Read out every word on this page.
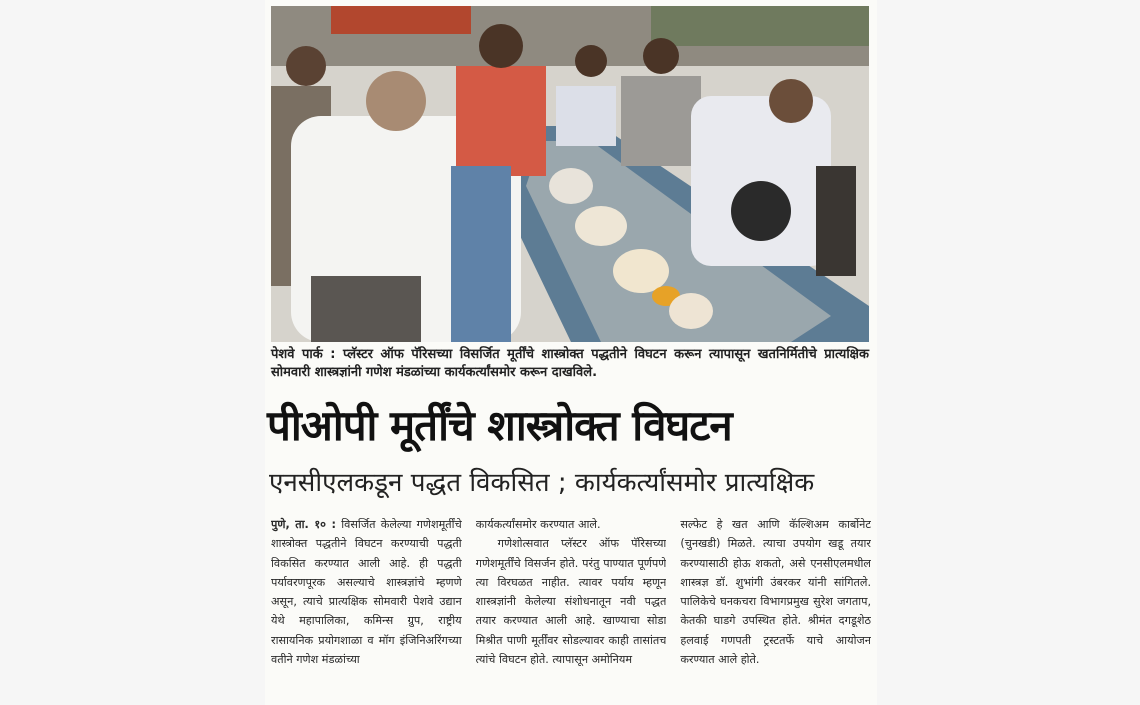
पेशवे पार्क : प्लॅस्टर ऑफ पॅरिसच्या विसर्जित मूर्तींचे शास्त्रोक्त पद्धतीने विघटन करून त्यापासून खतनिर्मितीचे प्रात्यक्षिक सोमवारी शास्त्रज्ञांनी गणेश मंडळांच्या कार्यकर्त्यांसमोर करून दाखविले.
पीओपी मूर्तींचे शास्त्रोक्त विघटन
एनसीएलकडून पद्धत विकसित ; कार्यकर्त्यांसमोर प्रात्यक्षिक
पुणे, ता. १० : विसर्जित केलेल्या गणेशमूर्तींचे शास्त्रोक्त पद्धतीने विघटन करण्याची पद्धती विकसित करण्यात आली आहे. ही पद्धती पर्यावरणपूरक असल्याचे शास्त्रज्ञांचे म्हणणे असून, त्याचे प्रात्यक्षिक सोमवारी पेशवे उद्यान येथे महापालिका, कमिन्स ग्रुप, राष्ट्रीय रासायनिक प्रयोगशाळा व मॉग इंजिनिअरिंगच्या वतीने गणेश मंडळांच्या
कार्यकर्त्यांसमोर करण्यात आले.
गणेशोत्सवात प्लॅस्टर ऑफ पॅरिसच्या गणेशमूर्तींचे विसर्जन होते. परंतु पाण्यात पूर्णपणे त्या विरघळत नाहीत. त्यावर पर्याय म्हणून शास्त्रज्ञांनी केलेल्या संशोधनातून नवी पद्धत तयार करण्यात आली आहे. खाण्याचा सोडा मिश्रीत पाणी मूर्तींवर सोडल्यावर काही तासांतच त्यांचे विघटन होते. त्यापासून अमोनियम
सल्फेट हे खत आणि कॅल्शिअम कार्बोनेट (चुनखडी) मिळते. त्याचा उपयोग खडू तयार करण्यासाठी होऊ शकतो, असे एनसीएलमधील शास्त्रज्ञ डॉ. शुभांगी उंबरकर यांनी सांगितले. पालिकेचे घनकचरा विभागप्रमुख सुरेश जगताप, केतकी घाडगे उपस्थित होते. श्रीमंत दगडूशेठ हलवाई गणपती ट्रस्टतर्फे याचे आयोजन करण्यात आले होते.
